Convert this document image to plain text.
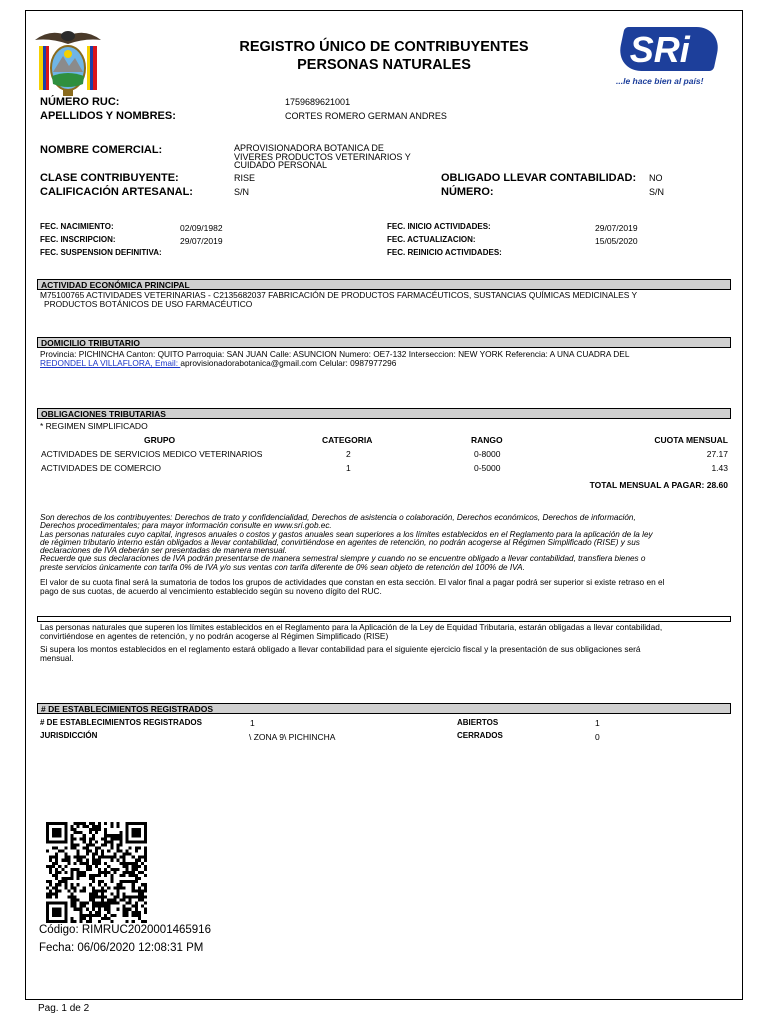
REGISTRO ÚNICO DE CONTRIBUYENTES
PERSONAS NATURALES	SRi
...le hace bien al país!
NÚMERO RUC:	1759689621001
APELLIDOS Y NOMBRES:	CORTES ROMERO GERMAN ANDRES
NOMBRE COMERCIAL:	APROVISIONADORA BOTANICA DE
VIVERES PRODUCTOS VETERINARIOS Y
CUIDADO PERSONAL
CLASE CONTRIBUYENTE:	RISE	OBLIGADO LLEVAR CONTABILIDAD: NO
CALIFICACIÓN ARTESANAL:	S/N	NÚMERO:	S/N
FEC. NACIMIENTO:	02/09/1982
FEC. INSCRIPCION:	29/07/2019
FEC. SUSPENSION DEFINITIVA:
FEC. INICIO ACTIVIDADES:	29/07/2019
FEC. ACTUALIZACION:	15/05/2020
FEC. REINICIO ACTIVIDADES:
ACTIVIDAD ECONÓMICA PRINCIPAL
M75100765 ACTIVIDADES VETERINARIAS - C2135682037 FABRICACIÓN DE PRODUCTOS FARMACÉUTICOS, SUSTANCIAS QUÍMICAS MEDICINALES Y
PRODUCTOS BOTÁNICOS DE USO FARMACÉUTICO
DOMICILIO TRIBUTARIO
Provincia: PICHINCHA Canton: QUITO Parroquia: SAN JUAN Calle: ASUNCION Numero: OE7-132 Interseccion: NEW YORK Referencia: A UNA CUADRA DEL
REDONDEL LA VILLAFLORA, Email: aprovisionadorabotanica@gmail.com Celular: 0987977296
OBLIGACIONES TRIBUTARIAS
* REGIMEN SIMPLIFICADO
GRUPO	CATEGORIA	RANGO	CUOTA MENSUAL
ACTIVIDADES DE SERVICIOS MEDICO VETERINARIOS	2	0-8000	27.17
ACTIVIDADES DE COMERCIO	1	0-5000	1.43
TOTAL MENSUAL A PAGAR: 28.60
Son derechos de los contribuyentes: Derechos de trato y confidencialidad, Derechos de asistencia o colaboración, Derechos económicos, Derechos de información,
Derechos procedimentales; para mayor información consulte en www.sri.gob.ec.
Las personas naturales cuyo capital, ingresos anuales o costos y gastos anuales sean superiores a los límites establecidos en el Reglamento para la aplicación de la ley
de régimen tributario interno están obligados a llevar contabilidad, convirtiéndose en agentes de retención, no podrán acogerse al Régimen Simplificado (RISE) y sus
declaraciones de IVA deberán ser presentadas de manera mensual.
Recuerde que sus declaraciones de IVA podrán presentarse de manera semestral siempre y cuando no se encuentre obligado a llevar contabilidad, transfiera bienes o
preste servicios únicamente con tarifa 0% de IVA y/o sus ventas con tarifa diferente de 0% sean objeto de retención del 100% de IVA.
El valor de su cuota final será la sumatoria de todos los grupos de actividades que constan en esta sección. El valor final a pagar podrá ser superior si existe retraso en el
pago de sus cuotas, de acuerdo al vencimiento establecido según su noveno dígito del RUC.
Las personas naturales que superen los límites establecidos en el Reglamento para la Aplicación de la Ley de Equidad Tributaria, estarán obligadas a llevar contabilidad,
convirtiéndose en agentes de retención, y no podrán acogerse al Régimen Simplificado (RISE)
Si supera los montos establecidos en el reglamento estará obligado a llevar contabilidad para el siguiente ejercicio fiscal y la presentación de sus obligaciones será
mensual.
# DE ESTABLECIMIENTOS REGISTRADOS
# DE ESTABLECIMIENTOS REGISTRADOS	1	ABIERTOS	1
JURISDICCIÓN	\ ZONA 9\ PICHINCHA	CERRADOS	0
Código: RIMRUC2020001465916
Fecha: 06/06/2020 12:08:31 PM
Pag. 1 de 2
